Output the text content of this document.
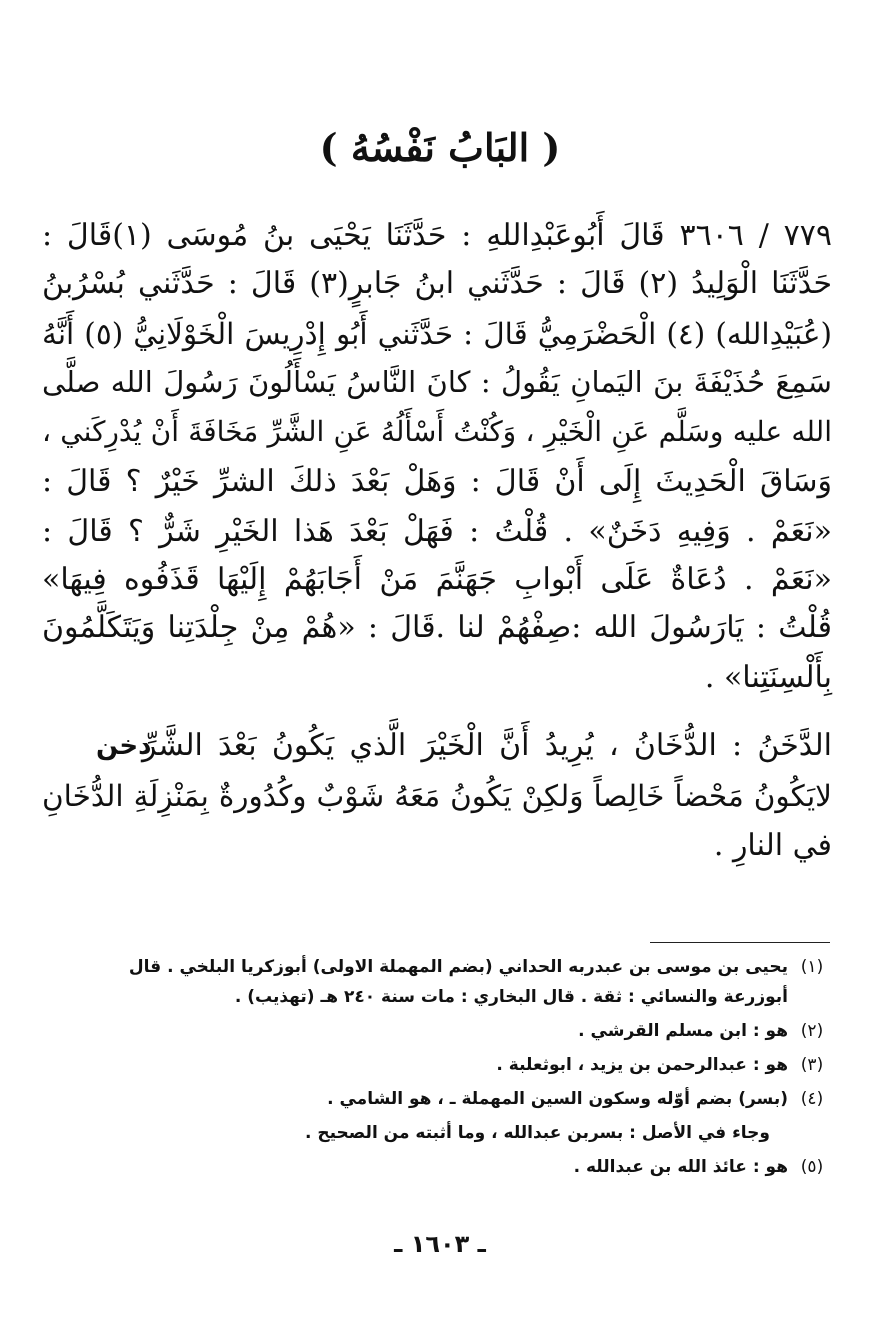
( البَابُ نَفْسُهُ )
٧٧٩ / ٣٦٠٦ قَالَ أَبُوعَبْدِاللهِ : حَدَّثَنَا يَحْيَى بنُ مُوسَى (١)قَالَ :
حَدَّثَنَا الْوَلِيدُ (٢) قَالَ : حَدَّثَني ابنُ جَابرٍ(٣) قَالَ : حَدَّثَني بُسْرُبنُ
(عُبَيْدِالله) (٤) الْحَضْرَمِيُّ قَالَ : حَدَّثَني أَبُو إِدْرِيسَ الْخَوْلَانِيُّ (٥) أَنَّهُ
سَمِعَ حُذَيْفَةَ بنَ اليَمانِ يَقُولُ : كانَ النَّاسُ يَسْأَلُونَ رَسُولَ الله صلَّى
الله عليه وسَلَّم عَنِ الْخَيْرِ ، وَكُنْتُ أَسْأَلُهُ عَنِ الشَّرِّ مَخَافَةَ أَنْ يُدْرِكَني ،
وَسَاقَ الْحَدِيثَ إِلَى أَنْ قَالَ : وَهَلْ بَعْدَ ذلكَ الشرِّ خَيْرٌ ؟ قَالَ :
«نَعَمْ . وَفِيهِ دَخَنٌ» . قُلْتُ : فَهَلْ بَعْدَ هَذا الخَيْرِ شَرٌّ ؟ قَالَ :
«نَعَمْ . دُعَاةٌ عَلَى أَبْوابِ جَهَنَّمَ مَنْ أَجَابَهُمْ إِلَيْهَا قَذَفُوه فِيهَا»
قُلْتُ : يَارَسُولَ الله :صِفْهُمْ لنا .قَالَ : «هُمْ مِنْ جِلْدَتِنا وَيَتَكَلَّمُونَ
بِأَلْسِنَتِنا» .
دخن
الدَّخَنُ : الدُّخَانُ ، يُرِيدُ أَنَّ الْخَيْرَ الَّذي يَكُونُ بَعْدَ الشَّرِّ
لايَكُونُ مَحْضاً خَالِصاً وَلكِنْ يَكُونُ مَعَهُ شَوْبٌ وكُدُورةٌ بِمَنْزِلَةِ الدُّخَانِ
في النارِ .
(١)
يحيى بن موسى بن عبدربه الحداني (بضم المهملة الاولى) أبوزكريا البلخي . قال
أبوزرعة والنسائي : ثقة . قال البخاري : مات سنة ٢٤٠ هـ (تهذيب) .
(٢)
هو : ابن مسلم القرشي .
(٣)
هو : عبدالرحمن بن يزيد ، ابوثعلبة .
(٤)
(بسر) بضم أوّله وسكون السين المهملة ـ ، هو الشامي .
وجاء في الأصل : بسربن عبدالله ، وما أثبته من الصحيح .
(٥)
هو : عائذ الله بن عبدالله .
ـ ١٦٠٣ ـ
